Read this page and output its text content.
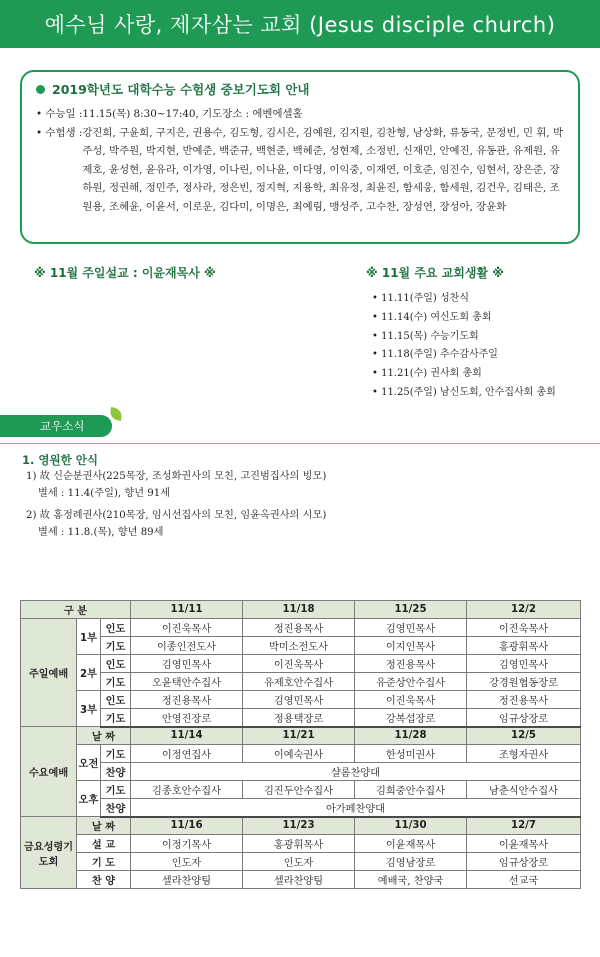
예수님 사랑, 제자삼는 교회 (Jesus disciple church)
2019학년도 대학수능 수험생 중보기도회 안내
• 수능일 : 11.15(목) 8:30~17:40, 기도장소 : 에벤에셀홀
• 수험생 : 강진희, 구윤희, 구지은, 권용수, 김도형, 김시은, 김예원, 김지원, 김찬형, 남상화, 류동국, 문정빈, 민 휘, 박주성, 박주원, 박지현, 반예준, 백준규, 백현준, 백혜준, 성현제, 소정빈, 신재민, 안예진, 유동관, 유제원, 유제호, 윤성현, 윤유라, 이가영, 이나린, 이나윤, 이다영, 이익중, 이재연, 이호준, 임진수, 임현서, 장은준, 장하원, 정권해, 정민주, 정사라, 정은빈, 정지혁, 지용학, 최유정, 최윤진, 함세웅, 함세원, 김건우, 김태은, 조원용, 조혜윤, 이윤서, 이로운, 김다미, 이명은, 최예림, 맹성주, 고수찬, 장성연, 장성아, 장윤화
※ 11월 주일설교 : 이윤재목사 ※	※ 11월 주요 교회생활 ※
• 11.11(주일) 성찬식
• 11.14(수) 여신도회 총회
• 11.15(목) 수능기도회
• 11.18(주일) 추수감사주일
• 11.21(수) 권사회 총회
• 11.25(주일) 남신도회, 안수집사회 총회
교우소식
1. 영원한 안식
1) 故 신순분권사(225목장, 조성화권사의 모친, 고진범집사의 빙모)
별세 : 11.4(주일), 향년 91세
2) 故 홍정례권사(210목장, 임시선집사의 모친, 임윤옥권사의 시모)
별세 : 11.8.(목), 향년 89세
구 분			11/11	11/18	11/25	12/2
주일예배	1부	인도	이진욱목사	정진용목사	김영민목사	이진욱목사
		기도	이종인전도사	박미소전도사	이지인목사	홍광휘목사
	2부	인도	김영민목사	이진욱목사	정진용목사	김영민목사
		기도	오윤택안수집사	유제호안수집사	유준상안수집사	강경원협동장로
	3부	인도	정진용목사	김영민목사	이진욱목사	정진용목사
		기도	안영진장로	정용택장로	강복섭장로	임규상장로
수요예배	날 짜		11/14	11/21	11/28	12/5
	오전	기도	이정연집사	이예숙권사	한성미권사	조형자권사
		찬양	샬롬찬양대			
	오후	기도	김종호안수집사	김진두안수집사	김희중안수집사	남춘식안수집사
		찬양	아가페찬양대			
금요성령기도회	날 짜		11/16	11/23	11/30	12/7
	설 교		이정기목사	홍광휘목사	이윤재목사	이윤재목사
	기 도		인도자	인도자	김영남장로	임규상장로
	찬 양		셀라찬양팀	셀라찬양팀	예배국, 찬양국	선교국
